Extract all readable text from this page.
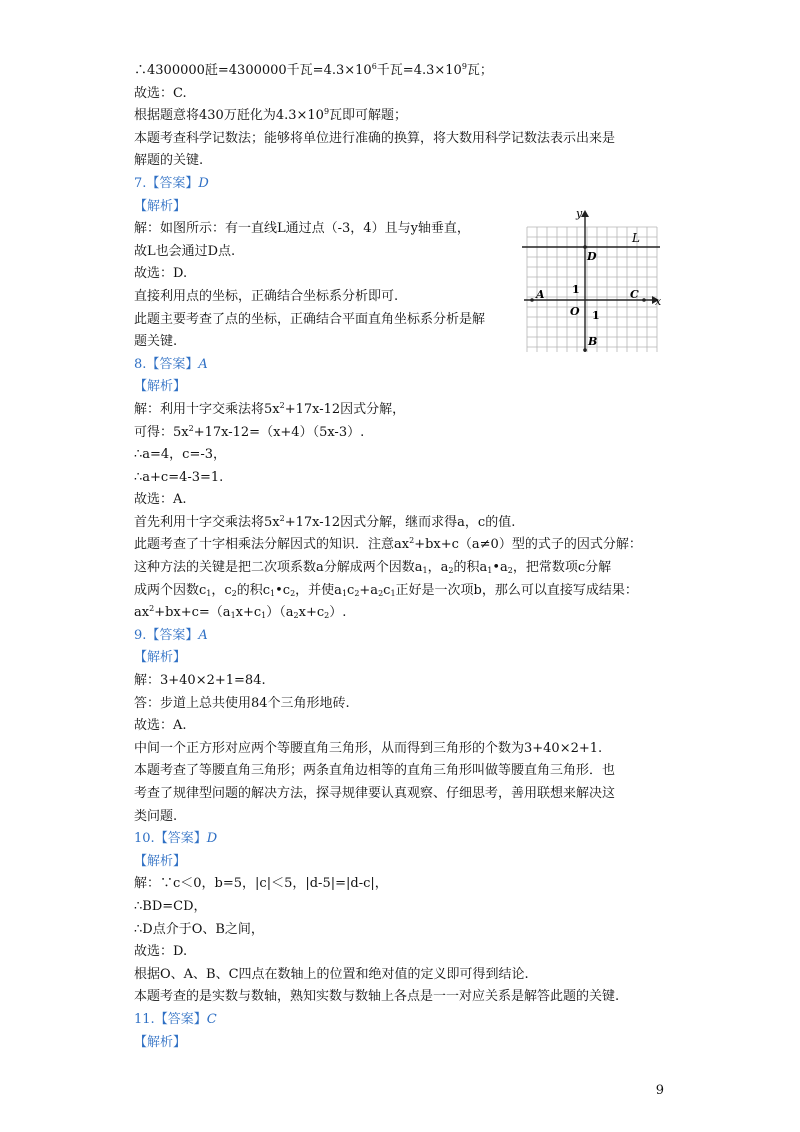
∴4300000瓩=4300000千瓦$=4.3\times 10^6$千瓦$=4.3\times 10^9$瓦；
故选：C.
根据题意将430万瓩化为$4.3\times 10^9$瓦即可解题；
本题考查科学记数法；能够将单位进行准确的换算，将大数用科学记数法表示出来是
解题的关键.
7.【答案】D
【解析】
解：如图所示：有一直线L通过点（-3，4）且与y轴垂直，
故L也会通过D点.
故选：D.
直接利用点的坐标，正确结合坐标系分析即可.
此题主要考查了点的坐标，正确结合平面直角坐标系分析是解
题关键.
8.【答案】A
【解析】
解：利用十字交乘法将$5x^2+17x-12$因式分解，
可得：$5x^2+17x-12=(x+4)(5x-3)$.
∴a=4，c=-3，
∴a+c=4-3=1.
故选：A.
首先利用十字交乘法将$5x^2+17x-12$因式分解，继而求得a，c的值.
此题考查了十字相乘法分解因式的知识．注意$ax^2+bx+c(a\ne 0)$型的式子的因式分解：
这种方法的关键是把二次项系数a分解成两个因数$a_1$，$a_2$的积$a_1•a_2$，把常数项c分解
成两个因数$c_1$，$c_2$的积$c_1•c_2$，并使$a_1c_2+a_2c_1$正好是一次项b，那么可以直接写成结果：
$ax^2+bx+c=(a_1x+c_1)(a_2x+c_2)$.
9.【答案】A
【解析】
解：3+40×2+1=84.
答：步道上总共使用84个三角形地砖.
故选：A.
中间一个正方形对应两个等腰直角三角形，从而得到三角形的个数为3+40×2+1.
本题考查了等腰直角三角形；两条直角边相等的直角三角形叫做等腰直角三角形．也
考查了规律型问题的解决方法，探寻规律要认真观察、仔细思考，善用联想来解决这
类问题.
10.【答案】D
【解析】
解：∵c＜0，b=5，|c|＜5，|d-5|=|d-c|，
∴BD=CD，
∴D点介于O、B之间，
故选：D.
根据O、A、B、C四点在数轴上的位置和绝对值的定义即可得到结论.
本题考查的是实数与数轴，熟知实数与数轴上各点是一一对应关系是解答此题的关键.
11.【答案】C
【解析】
y
x
L
D
A	C
O
B
1
1
9
